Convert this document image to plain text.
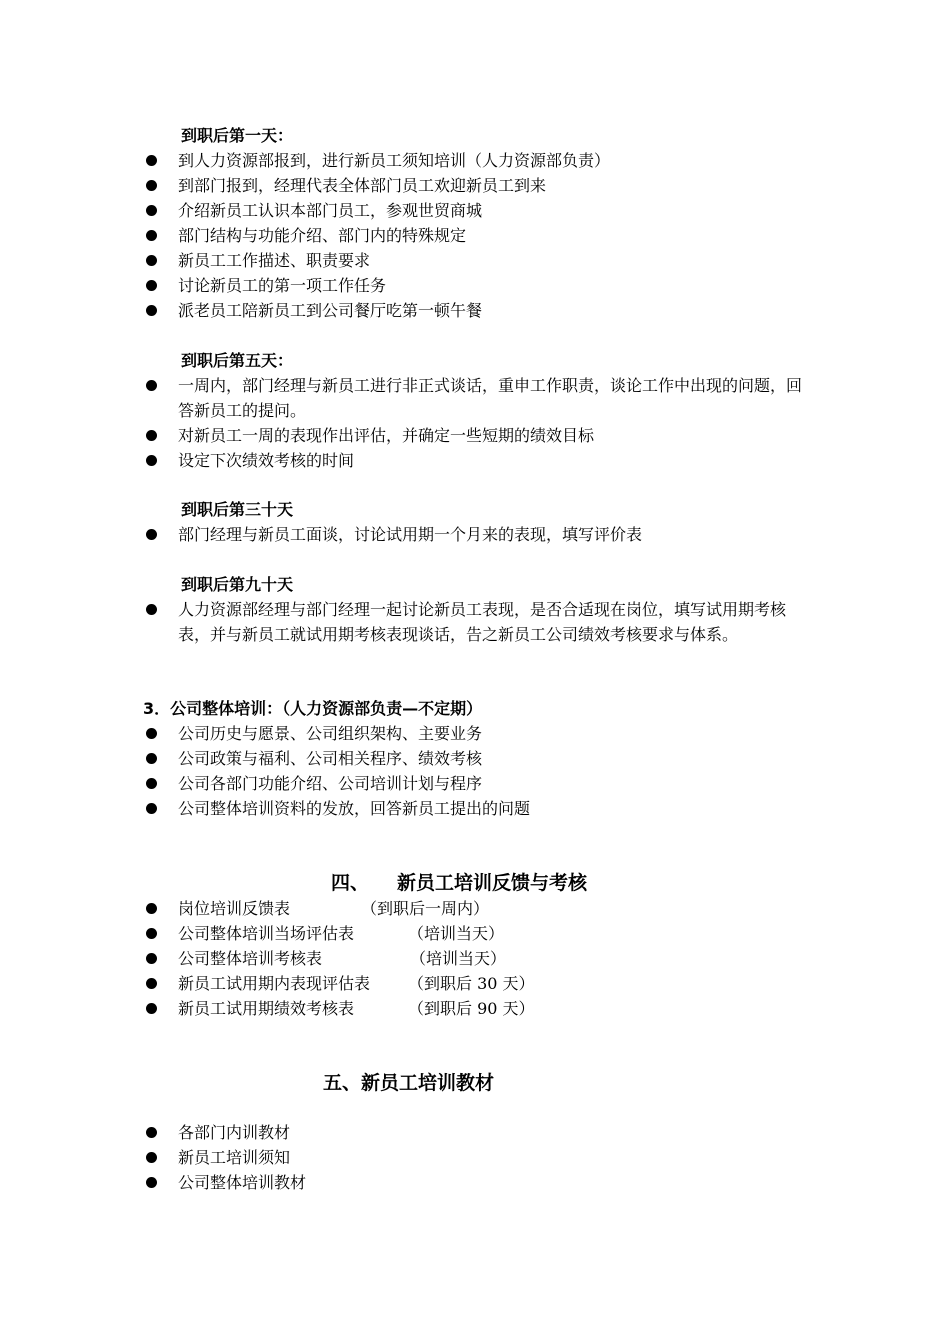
到职后第一天：
到人力资源部报到，进行新员工须知培训（人力资源部负责）
到部门报到，经理代表全体部门员工欢迎新员工到来
介绍新员工认识本部门员工，参观世贸商城
部门结构与功能介绍、部门内的特殊规定
新员工工作描述、职责要求
讨论新员工的第一项工作任务
派老员工陪新员工到公司餐厅吃第一顿午餐
到职后第五天：
一周内，部门经理与新员工进行非正式谈话，重申工作职责，谈论工作中出现的问题，回答新员工的提问。
对新员工一周的表现作出评估，并确定一些短期的绩效目标
设定下次绩效考核的时间
到职后第三十天
部门经理与新员工面谈，讨论试用期一个月来的表现，填写评价表
到职后第九十天
人力资源部经理与部门经理一起讨论新员工表现，是否合适现在岗位，填写试用期考核表，并与新员工就试用期考核表现谈话，告之新员工公司绩效考核要求与体系。
3．公司整体培训：（人力资源部负责—不定期）
公司历史与愿景、公司组织架构、主要业务
公司政策与福利、公司相关程序、绩效考核
公司各部门功能介绍、公司培训计划与程序
公司整体培训资料的发放，回答新员工提出的问题
四、 新员工培训反馈与考核
岗位培训反馈表	（到职后一周内）
公司整体培训当场评估表	（培训当天）
公司整体培训考核表	（培训当天）
新员工试用期内表现评估表 （到职后 30 天）
新员工试用期绩效考核表	（到职后 90 天）
五、新员工培训教材
各部门内训教材
新员工培训须知
公司整体培训教材
